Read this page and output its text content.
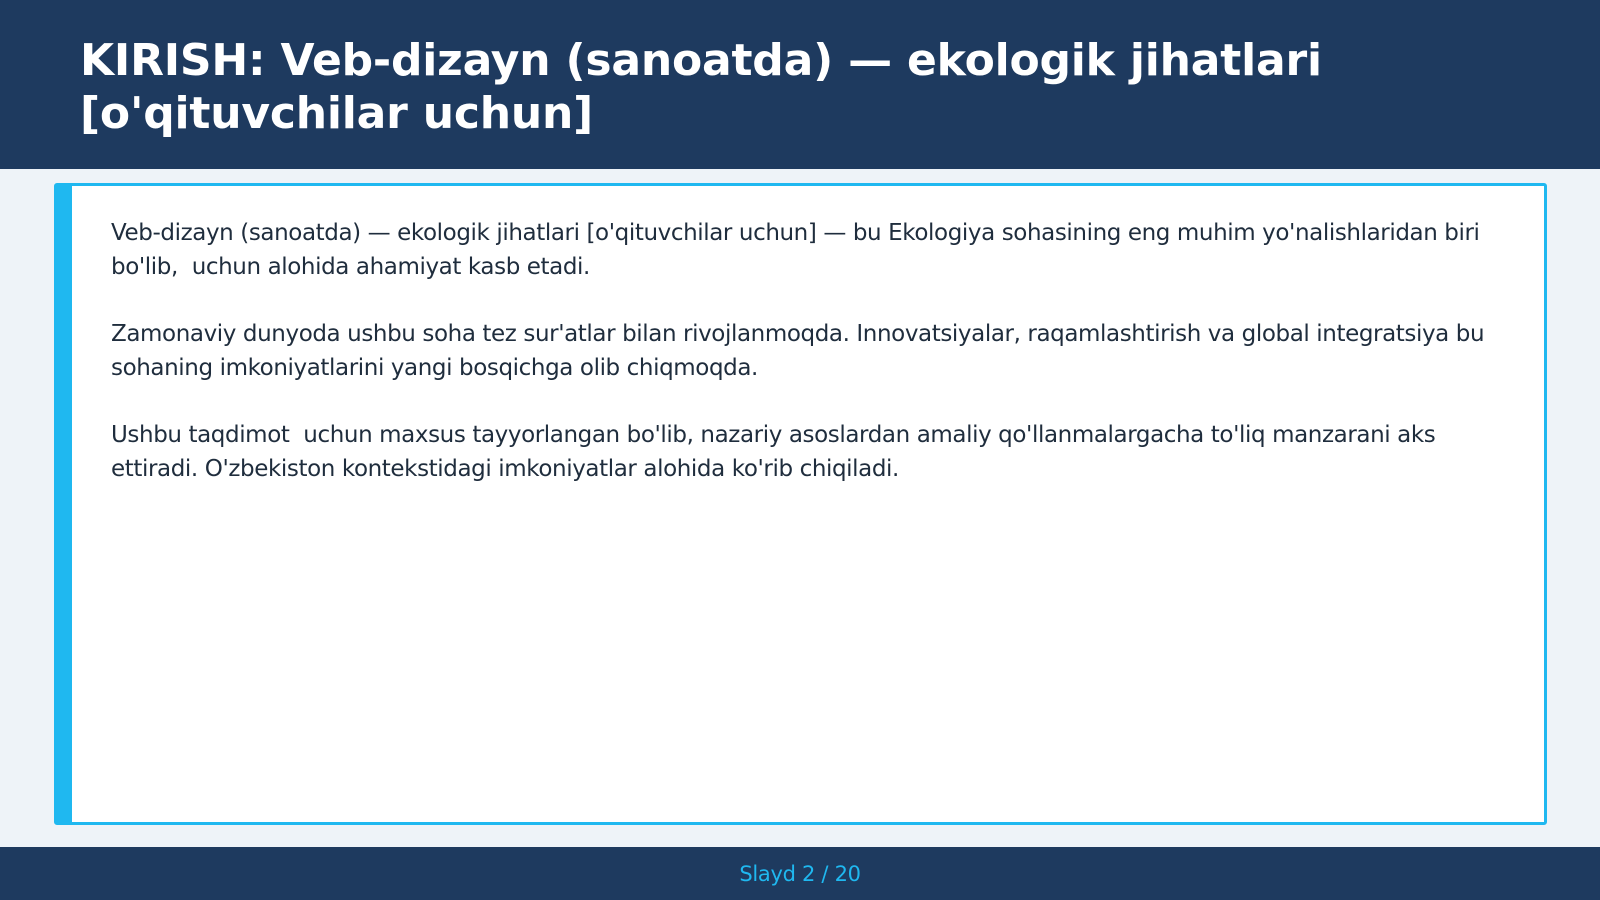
KIRISH: Veb-dizayn (sanoatda) — ekologik jihatlari [o'qituvchilar uchun]

Veb-dizayn (sanoatda) — ekologik jihatlari [o'qituvchilar uchun] — bu Ekologiya sohasining eng muhim yo'nalishlaridan biri bo'lib,  uchun alohida ahamiyat kasb etadi.

Zamonaviy dunyoda ushbu soha tez sur'atlar bilan rivojlanmoqda. Innovatsiyalar, raqamlashtirish va global integratsiya bu sohaning imkoniyatlarini yangi bosqichga olib chiqmoqda.

Ushbu taqdimot  uchun maxsus tayyorlangan bo'lib, nazariy asoslardan amaliy qo'llanmalargacha to'liq manzarani aks ettiradi. O'zbekiston kontekstidagi imkoniyatlar alohida ko'rib chiqiladi.

Slayd 2 / 20
